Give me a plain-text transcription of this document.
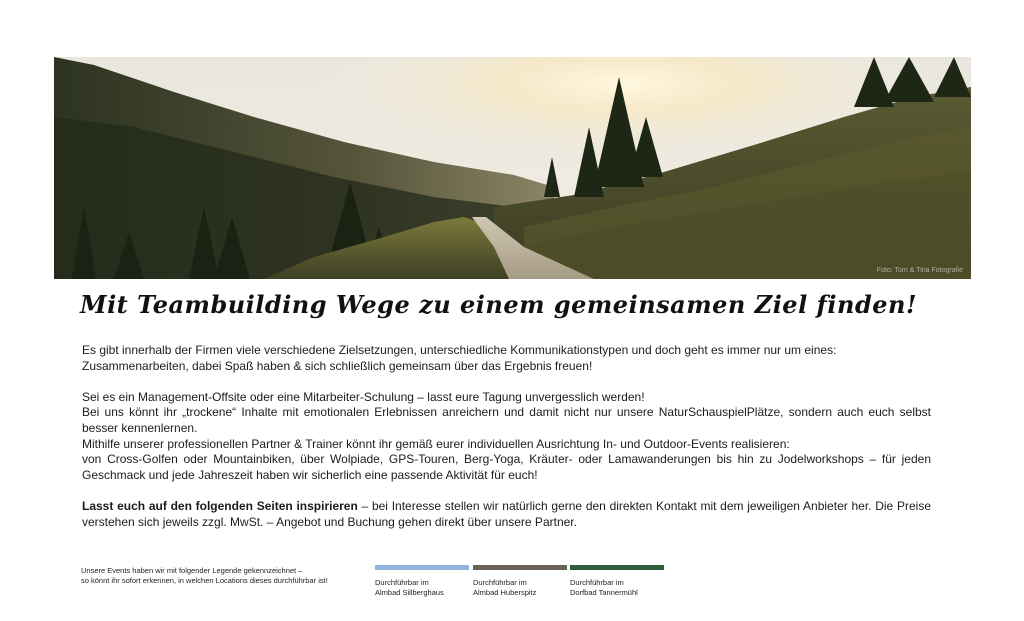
Foto: Tom & Tina Fotografie
Mit Teambuilding Wege zu einem gemeinsamen Ziel finden!

Es gibt innerhalb der Firmen viele verschiedene Zielsetzungen, unterschiedliche Kommunikationstypen und doch geht es immer nur um eines: Zusammenarbeiten, dabei Spaß haben & sich schließlich gemeinsam über das Ergebnis freuen!

Sei es ein Management-Offsite oder eine Mitarbeiter-Schulung – lasst eure Tagung unvergesslich werden!
Bei uns könnt ihr „trockene“ Inhalte mit emotionalen Erlebnissen anreichern und damit nicht nur unsere NaturSchauspielPlätze, sondern auch euch selbst besser kennenlernen.
Mithilfe unserer professionellen Partner & Trainer könnt ihr gemäß eurer individuellen Ausrichtung In- und Outdoor-Events realisieren:
von Cross-Golfen oder Mountainbiken, über Wolpiade, GPS-Touren, Berg-Yoga, Kräuter- oder Lamawanderungen bis hin zu Jodelworkshops – für jeden Geschmack und jede Jahreszeit haben wir sicherlich eine passende Aktivität für euch!

Lasst euch auf den folgenden Seiten inspirieren – bei Interesse stellen wir natürlich gerne den direkten Kontakt mit dem jeweiligen Anbieter her. Die Preise verstehen sich jeweils zzgl. MwSt. – Angebot und Buchung gehen direkt über unsere Partner.

Unsere Events haben wir mit folgender Legende gekennzeichnet –
so könnt ihr sofort erkennen, in welchen Locations dieses durchführbar ist!	Durchführbar im
Almbad Sillberghaus
Durchführbar im
Almbad Huberspitz
Durchführbar im
Dorfbad Tannermühl
